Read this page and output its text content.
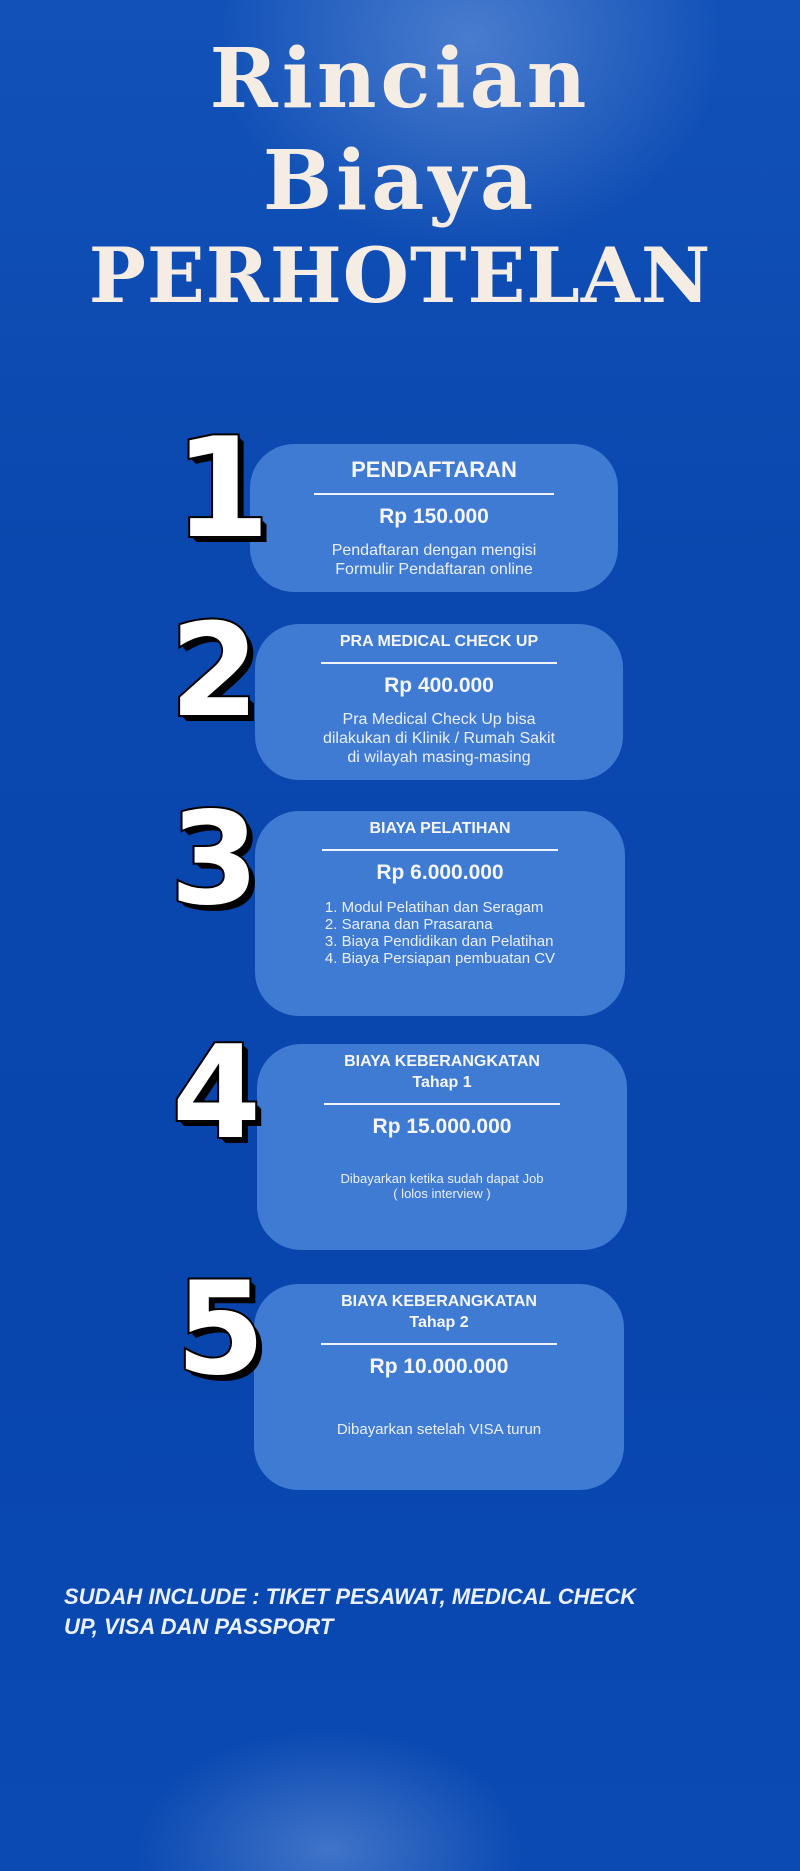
Rincian
Biaya
PERHOTELAN
PENDAFTARAN
Rp 150.000
Pendaftaran dengan mengisi
Formulir Pendaftaran online
1
PRA MEDICAL CHECK UP
Rp 400.000
Pra Medical Check Up bisa
dilakukan di Klinik / Rumah Sakit
di wilayah masing-masing
2
BIAYA PELATIHAN
Rp 6.000.000
1. Modul Pelatihan dan Seragam
2. Sarana dan Prasarana
3. Biaya Pendidikan dan Pelatihan
4. Biaya Persiapan pembuatan CV
3
BIAYA KEBERANGKATAN
Tahap 1
Rp 15.000.000
Dibayarkan ketika sudah dapat Job
( lolos interview )
4
BIAYA KEBERANGKATAN
Tahap 2
Rp 10.000.000
Dibayarkan setelah VISA turun
5
SUDAH INCLUDE : TIKET PESAWAT, MEDICAL CHECK
UP, VISA DAN PASSPORT
